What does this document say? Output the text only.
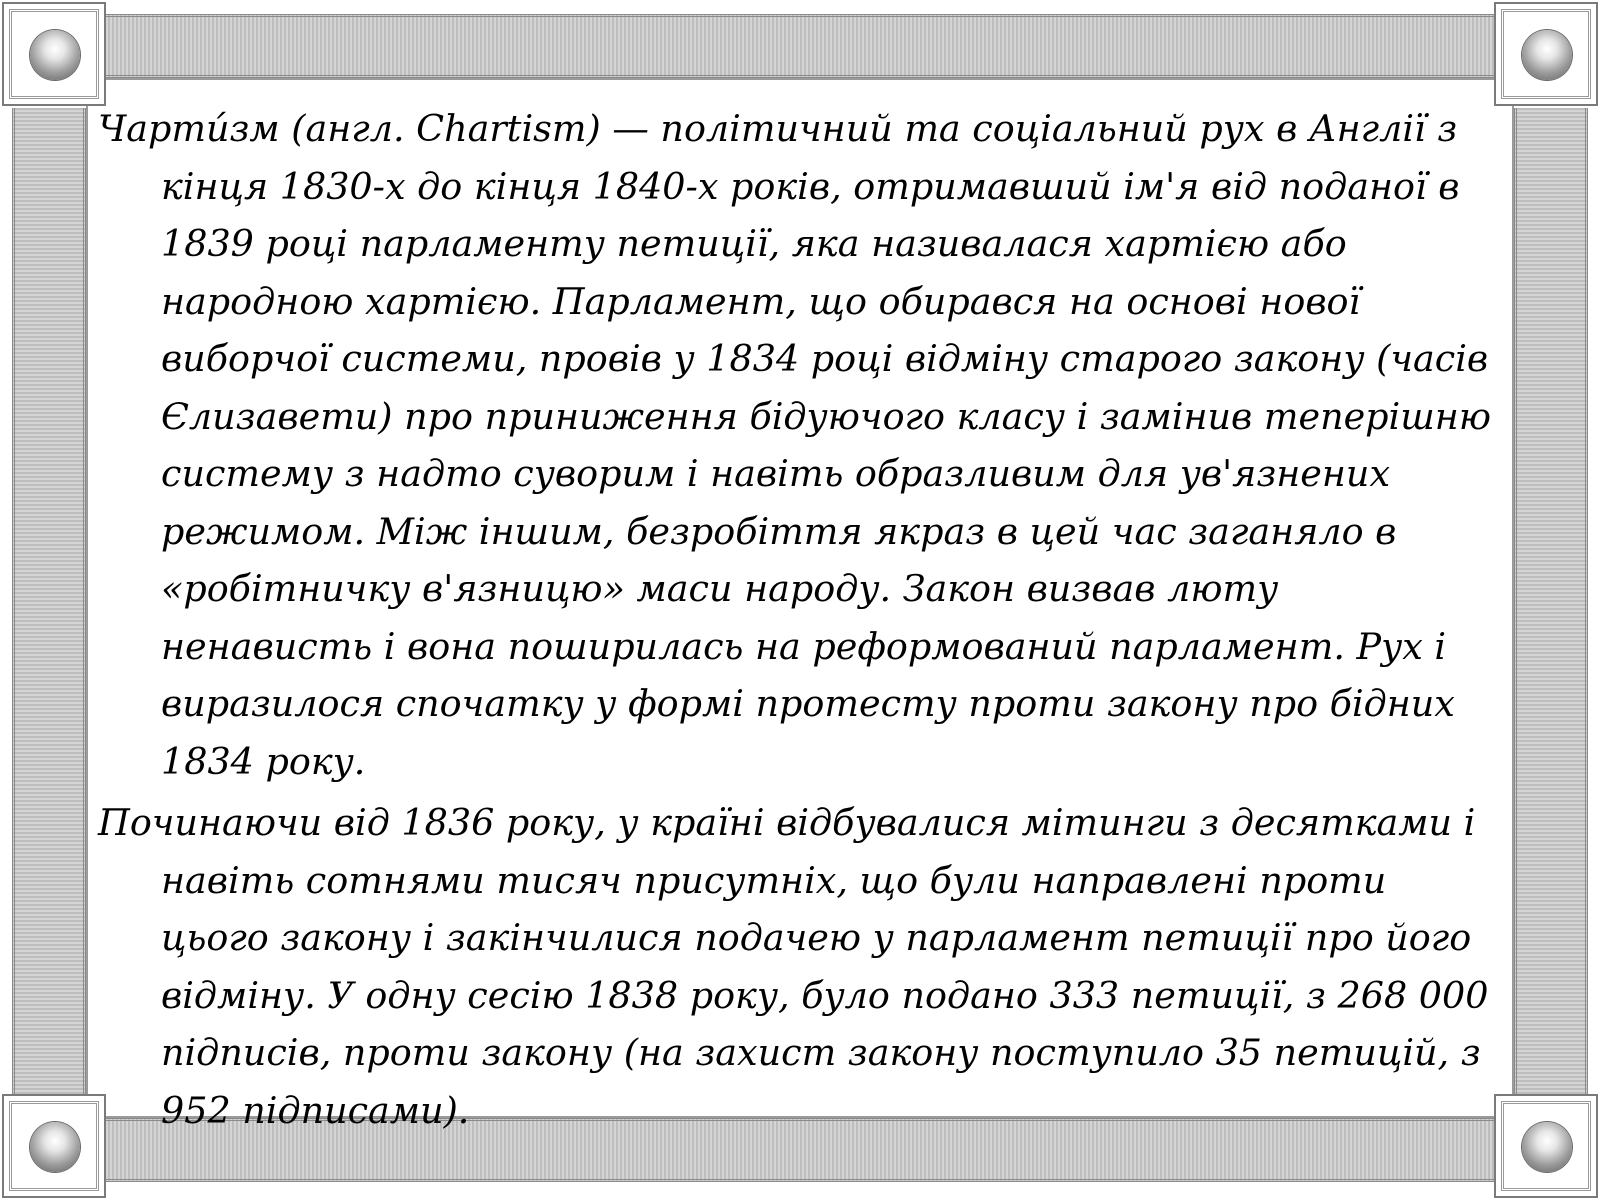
Чарти́зм (англ. Chartism) — політичний та соціальний рух в Англії з кінця 1830-х до кінця 1840-х років, отримавший ім'я від поданої в 1839 році парламенту петиції, яка називалася хартією або народною хартією. Парламент, що обирався на основі нової виборчої системи, провів у 1834 році відміну старого закону (часів Єлизавети) про приниження бідуючого класу і замінив теперішню систему з надто суворим і навіть образливим для ув'язнених режимом. Між іншим, безробіття якраз в цей час заганяло в «робітничку в'язницю» маси народу. Закон визвав люту ненависть і вона поширилась на реформований парламент. Рух і виразилося спочатку у формі протесту проти закону про бідних 1834 року.

Починаючи від 1836 року, у країні відбувалися мітинги з десятками і навіть сотнями тисяч присутніх, що були направлені проти цього закону і закінчилися подачею у парламент петиції про його відміну. У одну сесію 1838 року, було подано 333 петиції, з 268 000 підписів, проти закону (на захист закону поступило 35 петицій, з 952 підписами).
